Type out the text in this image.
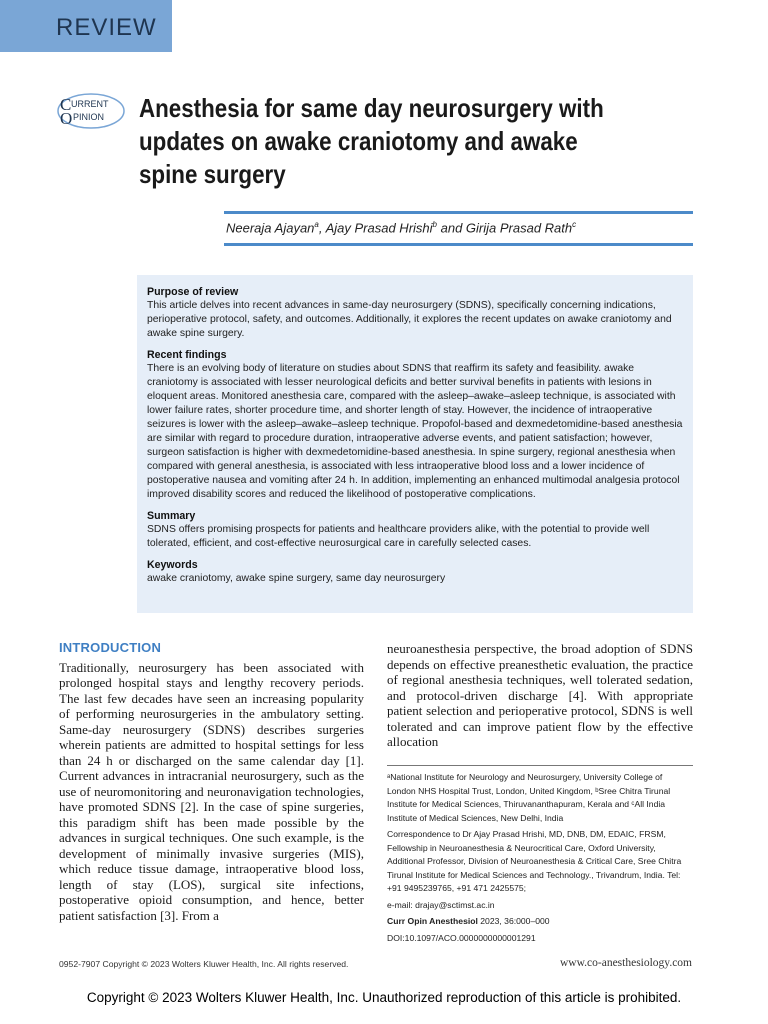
REVIEW
C URRENT
O PINION Anesthesia for same day neurosurgery with
updates on awake craniotomy and awake
spine surgery
Neeraja Ajayan$^a$, Ajay Prasad Hrishi$^b$ and Girija Prasad Rath$^c$
Purpose of review

This article delves into recent advances in same-day neurosurgery (SDNS), specifically concerning indications, perioperative protocol, safety, and outcomes. Additionally, it explores the recent updates on awake craniotomy and awake spine surgery.

Recent findings

There is an evolving body of literature on studies about SDNS that reaffirm its safety and feasibility. awake craniotomy is associated with lesser neurological deficits and better survival benefits in patients with lesions in eloquent areas. Monitored anesthesia care, compared with the asleep–awake–asleep technique, is associated with lower failure rates, shorter procedure time, and shorter length of stay. However, the incidence of intraoperative seizures is lower with the asleep–awake–asleep technique. Propofol-based and dexmedetomidine-based anesthesia are similar with regard to procedure duration, intraoperative adverse events, and patient satisfaction; however, surgeon satisfaction is higher with dexmedetomidine-based anesthesia. In spine surgery, regional anesthesia when compared with general anesthesia, is associated with less intraoperative blood loss and a lower incidence of postoperative nausea and vomiting after 24 h. In addition, implementing an enhanced multimodal analgesia protocol improved disability scores and reduced the likelihood of postoperative complications.

Summary

SDNS offers promising prospects for patients and healthcare providers alike, with the potential to provide well tolerated, efficient, and cost-effective neurosurgical care in carefully selected cases.

Keywords

awake craniotomy, awake spine surgery, same day neurosurgery

INTRODUCTION

Traditionally, neurosurgery has been associated with prolonged hospital stays and lengthy recovery periods. The last few decades have seen an increasing popularity of performing neurosurgeries in the ambulatory setting. Same-day neurosurgery (SDNS) describes surgeries wherein patients are admitted to hospital settings for less than 24 h or discharged on the same calendar day [1]. Current advances in intracranial neurosurgery, such as the use of neuromonitoring and neuronavigation technologies, have promoted SDNS [2]. In the case of spine surgeries, this paradigm shift has been made possible by the advances in surgical techniques. One such example, is the development of minimally invasive surgeries (MIS), which reduce tissue damage, intraoperative blood loss, length of stay (LOS), surgical site infections, postoperative opioid consumption, and hence, better patient satisfaction [3]. From a

neuroanesthesia perspective, the broad adoption of SDNS depends on effective preanesthetic evaluation, the practice of regional anesthesia techniques, well tolerated sedation, and protocol-driven discharge [4]. With appropriate patient selection and perioperative protocol, SDNS is well tolerated and can improve patient flow by the effective allocation

ᵃNational Institute for Neurology and Neurosurgery, University College of London NHS Hospital Trust, London, United Kingdom, ᵇSree Chitra Tirunal Institute for Medical Sciences, Thiruvananthapuram, Kerala and ᶜAll India Institute of Medical Sciences, New Delhi, India

Correspondence to Dr Ajay Prasad Hrishi, MD, DNB, DM, EDAIC, FRSM, Fellowship in Neuroanesthesia & Neurocritical Care, Oxford University, Additional Professor, Division of Neuroanesthesia & Critical Care, Sree Chitra Tirunal Institute for Medical Sciences and Technology., Trivandrum, India. Tel: +91 9495239765, +91 471 2425575;

e-mail: drajay@sctimst.ac.in

Curr Opin Anesthesiol 2023, 36:000–000

DOI:10.1097/ACO.0000000000001291

0952-7907 Copyright © 2023 Wolters Kluwer Health, Inc. All rights reserved.	www.co-anesthesiology.com
Copyright © 2023 Wolters Kluwer Health, Inc. Unauthorized reproduction of this article is prohibited.
